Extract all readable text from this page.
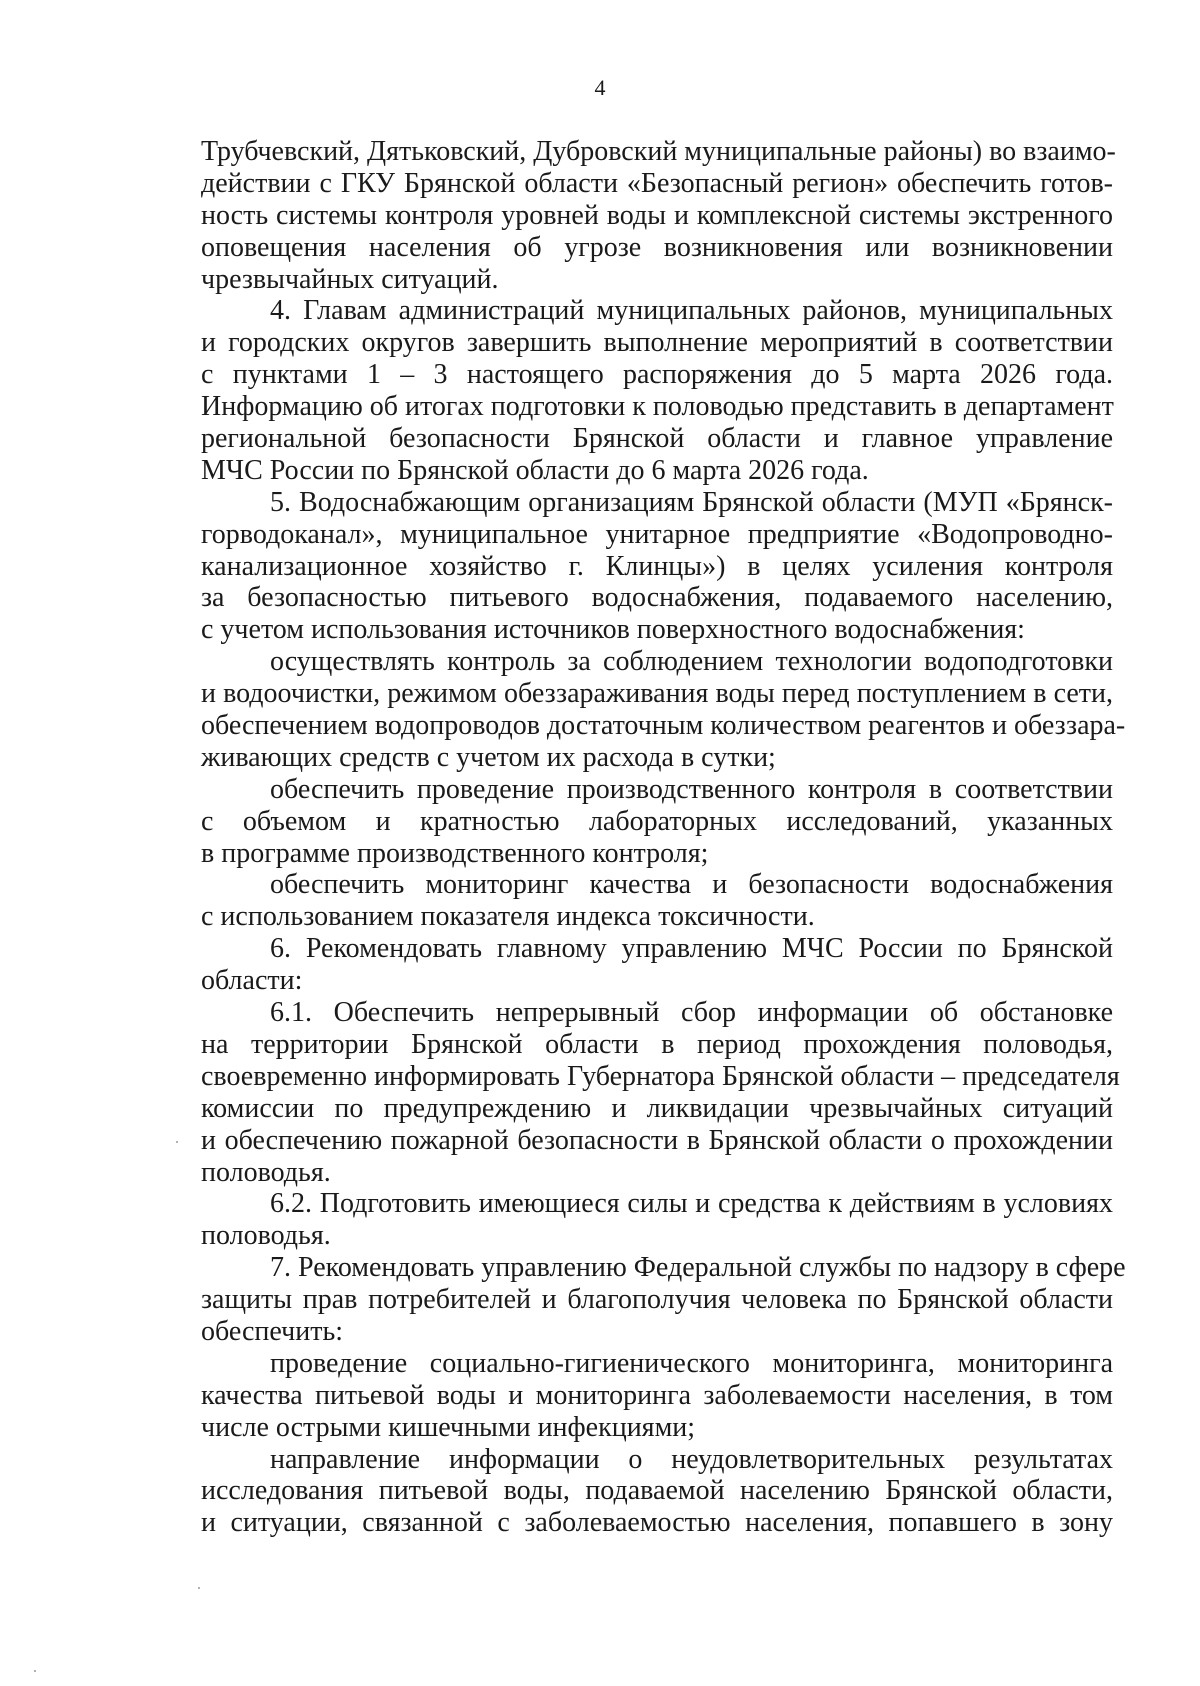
4
Трубчевский, Дятьковский, Дубровский муниципальные районы) во взаимо-
действии с ГКУ Брянской области «Безопасный регион» обеспечить готов-
ность системы контроля уровней воды и комплексной системы экстренного
оповещения населения об угрозе возникновения или возникновении
чрезвычайных ситуаций.
4. Главам администраций муниципальных районов, муниципальных
и городских округов завершить выполнение мероприятий в соответствии
с пунктами 1 – 3 настоящего распоряжения до 5 марта 2026 года.
Информацию об итогах подготовки к половодью представить в департамент
региональной безопасности Брянской области и главное управление
МЧС России по Брянской области до 6 марта 2026 года.
5. Водоснабжающим организациям Брянской области (МУП «Брянск-
горводоканал», муниципальное унитарное предприятие «Водопроводно-
канализационное хозяйство г. Клинцы») в целях усиления контроля
за безопасностью питьевого водоснабжения, подаваемого населению,
с учетом использования источников поверхностного водоснабжения:
осуществлять контроль за соблюдением технологии водоподготовки
и водоочистки, режимом обеззараживания воды перед поступлением в сети,
обеспечением водопроводов достаточным количеством реагентов и обеззара-
живающих средств с учетом их расхода в сутки;
обеспечить проведение производственного контроля в соответствии
с объемом и кратностью лабораторных исследований, указанных
в программе производственного контроля;
обеспечить мониторинг качества и безопасности водоснабжения
с использованием показателя индекса токсичности.
6. Рекомендовать главному управлению МЧС России по Брянской
области:
6.1. Обеспечить непрерывный сбор информации об обстановке
на территории Брянской области в период прохождения половодья,
своевременно информировать Губернатора Брянской области – председателя
комиссии по предупреждению и ликвидации чрезвычайных ситуаций
и обеспечению пожарной безопасности в Брянской области о прохождении
половодья.
6.2. Подготовить имеющиеся силы и средства к действиям в условиях
половодья.
7. Рекомендовать управлению Федеральной службы по надзору в сфере
защиты прав потребителей и благополучия человека по Брянской области
обеспечить:
проведение социально-гигиенического мониторинга, мониторинга
качества питьевой воды и мониторинга заболеваемости населения, в том
числе острыми кишечными инфекциями;
направление информации о неудовлетворительных результатах
исследования питьевой воды, подаваемой населению Брянской области,
и ситуации, связанной с заболеваемостью населения, попавшего в зону
